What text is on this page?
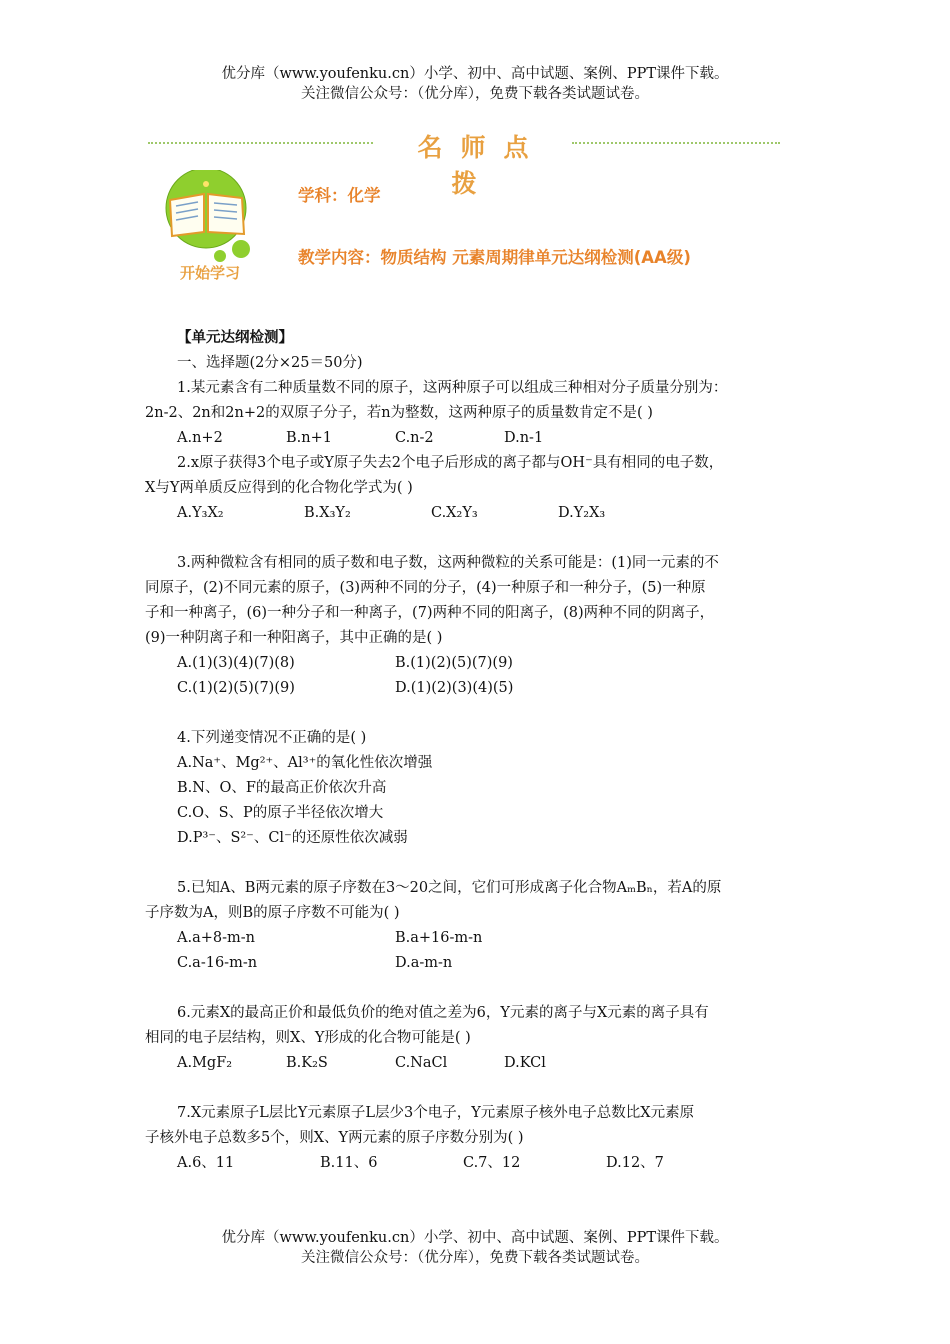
优分库（www.youfenku.cn）小学、初中、高中试题、案例、PPT课件下载。
关注微信公众号：（优分库），免费下载各类试题试卷。
名师点拨
开始学习
学科：化学
教学内容：物质结构 元素周期律单元达纲检测(AA级)

【单元达纲检测】

一、选择题(2分×25＝50分)

1.某元素含有二种质量数不同的原子，这两种原子可以组成三种相对分子质量分别为：

2n-2、2n和2n+2的双原子分子，若n为整数，这两种原子的质量数肯定不是( )

A.n+2	B.n+1	C.n-2	D.n-1

2.x原子获得3个电子或Y原子失去2个电子后形成的离子都与OH⁻具有相同的电子数，

X与Y两单质反应得到的化合物化学式为( )

A.Y₃X₂	B.X₃Y₂	C.X₂Y₃	D.Y₂X₃

3.两种微粒含有相同的质子数和电子数，这两种微粒的关系可能是：(1)同一元素的不

同原子，(2)不同元素的原子，(3)两种不同的分子，(4)一种原子和一种分子，(5)一种原

子和一种离子，(6)一种分子和一种离子，(7)两种不同的阳离子，(8)两种不同的阴离子，

(9)一种阴离子和一种阳离子，其中正确的是( )

A.(1)(3)(4)(7)(8)	B.(1)(2)(5)(7)(9)
C.(1)(2)(5)(7)(9)	D.(1)(2)(3)(4)(5)

4.下列递变情况不正确的是( )

A.Na⁺、Mg²⁺、Al³⁺的氧化性依次增强

B.N、O、F的最高正价依次升高

C.O、S、P的原子半径依次增大

D.P³⁻、S²⁻、Cl⁻的还原性依次减弱

5.已知A、B两元素的原子序数在3～20之间，它们可形成离子化合物AₘBₙ，若A的原

子序数为A，则B的原子序数不可能为( )

A.a+8-m-n	B.a+16-m-n
C.a-16-m-n	D.a-m-n

6.元素X的最高正价和最低负价的绝对值之差为6，Y元素的离子与X元素的离子具有

相同的电子层结构，则X、Y形成的化合物可能是( )

A.MgF₂	B.K₂S	C.NaCl	D.KCl

7.X元素原子L层比Y元素原子L层少3个电子，Y元素原子核外电子总数比X元素原

子核外电子总数多5个，则X、Y两元素的原子序数分别为( )

A.6、11	B.11、6	C.7、12	D.12、7
优分库（www.youfenku.cn）小学、初中、高中试题、案例、PPT课件下载。
关注微信公众号：（优分库），免费下载各类试题试卷。
